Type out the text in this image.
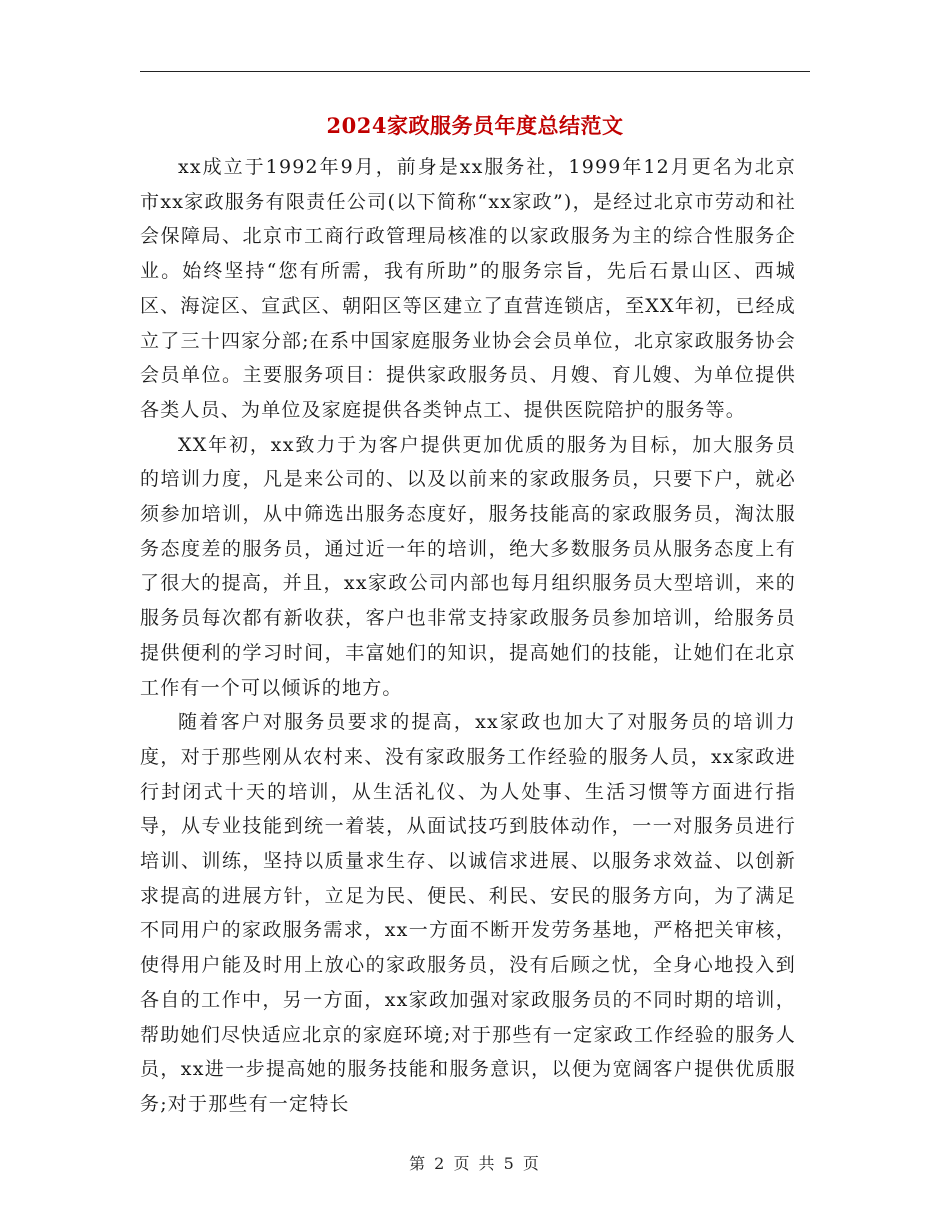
2024家政服务员年度总结范文

xx成立于1992年9月，前身是xx服务社，1999年12月更名为北京市xx家政服务有限责任公司(以下简称“xx家政”)，是经过北京市劳动和社会保障局、北京市工商行政管理局核准的以家政服务为主的综合性服务企业。始终坚持“您有所需，我有所助”的服务宗旨，先后石景山区、西城区、海淀区、宣武区、朝阳区等区建立了直营连锁店，至XX年初，已经成立了三十四家分部;在系中国家庭服务业协会会员单位，北京家政服务协会会员单位。主要服务项目：提供家政服务员、月嫂、育儿嫂、为单位提供各类人员、为单位及家庭提供各类钟点工、提供医院陪护的服务等。

XX年初，xx致力于为客户提供更加优质的服务为目标，加大服务员的培训力度，凡是来公司的、以及以前来的家政服务员，只要下户，就必须参加培训，从中筛选出服务态度好，服务技能高的家政服务员，淘汰服务态度差的服务员，通过近一年的培训，绝大多数服务员从服务态度上有了很大的提高，并且，xx家政公司内部也每月组织服务员大型培训，来的服务员每次都有新收获，客户也非常支持家政服务员参加培训，给服务员提供便利的学习时间，丰富她们的知识，提高她们的技能，让她们在北京工作有一个可以倾诉的地方。

随着客户对服务员要求的提高，xx家政也加大了对服务员的培训力度，对于那些刚从农村来、没有家政服务工作经验的服务人员，xx家政进行封闭式十天的培训，从生活礼仪、为人处事、生活习惯等方面进行指导，从专业技能到统一着装，从面试技巧到肢体动作，一一对服务员进行培训、训练，坚持以质量求生存、以诚信求进展、以服务求效益、以创新求提高的进展方针，立足为民、便民、利民、安民的服务方向，为了满足不同用户的家政服务需求，xx一方面不断开发劳务基地，严格把关审核，使得用户能及时用上放心的家政服务员，没有后顾之忧，全身心地投入到各自的工作中，另一方面，xx家政加强对家政服务员的不同时期的培训，帮助她们尽快适应北京的家庭环境;对于那些有一定家政工作经验的服务人员，xx进一步提高她的服务技能和服务意识，以便为宽阔客户提供优质服务;对于那些有一定特长

第 2 页 共 5 页
